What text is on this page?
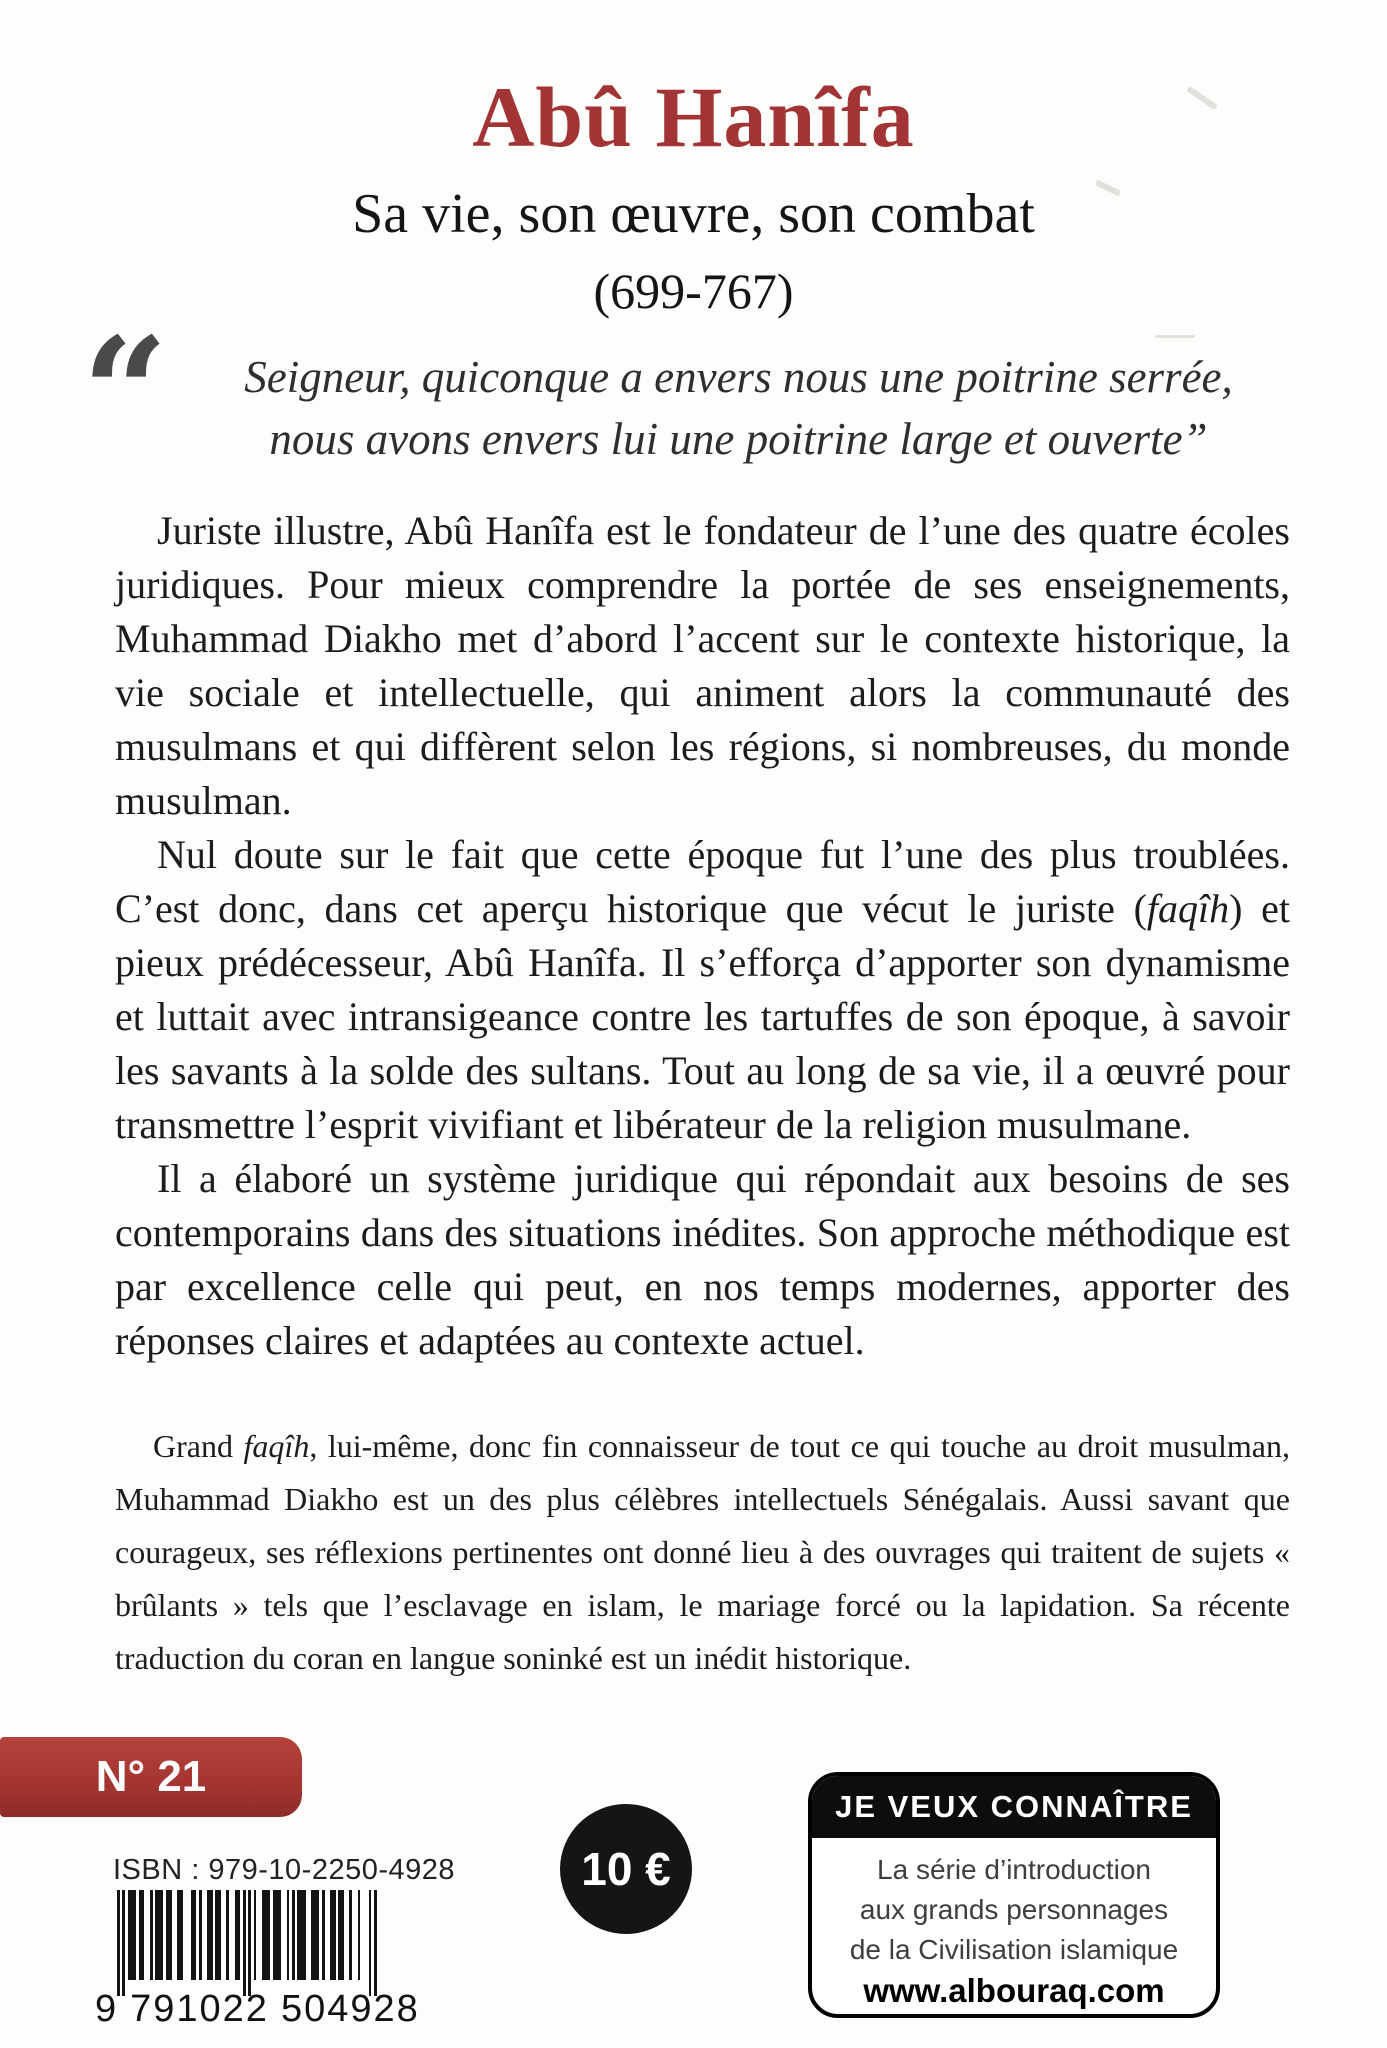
Abû Hanîfa
Sa vie, son œuvre, son combat
(699-767)
“	Seigneur, quiconque a envers nous une poitrine serrée,
nous avons envers lui une poitrine large et ouverte”

Juriste illustre, Abû Hanîfa est le fondateur de l’une des quatre écoles juridiques. Pour mieux comprendre la portée de ses enseignements, Muhammad Diakho met d’abord l’accent sur le contexte historique, la vie sociale et intellectuelle, qui animent alors la communauté des musulmans et qui diffèrent selon les régions, si nombreuses, du monde musulman.

Nul doute sur le fait que cette époque fut l’une des plus troublées. C’est donc, dans cet aperçu historique que vécut le juriste (faqîh) et pieux prédécesseur, Abû Hanîfa. Il s’efforça d’apporter son dynamisme et luttait avec intransigeance contre les tartuffes de son époque, à savoir les savants à la solde des sultans. Tout au long de sa vie, il a œuvré pour transmettre l’esprit vivifiant et libérateur de la religion musulmane.

Il a élaboré un système juridique qui répondait aux besoins de ses contemporains dans des situations inédites. Son approche méthodique est par excellence celle qui peut, en nos temps modernes, apporter des réponses claires et adaptées au contexte actuel.

Grand faqîh, lui-même, donc fin connaisseur de tout ce qui touche au droit musulman, Muhammad Diakho est un des plus célèbres intellectuels Sénégalais. Aussi savant que courageux, ses réflexions pertinentes ont donné lieu à des ouvrages qui traitent de sujets « brûlants » tels que l’esclavage en islam, le mariage forcé ou la lapidation. Sa récente traduction du coran en langue soninké est un inédit historique.

N° 21
ISBN : 979-10-2250-4928
9 791022 504928
10 €
JE VEUX CONNAÎTRE
La série d’introduction
aux grands personnages
de la Civilisation islamique
www.albouraq.com
